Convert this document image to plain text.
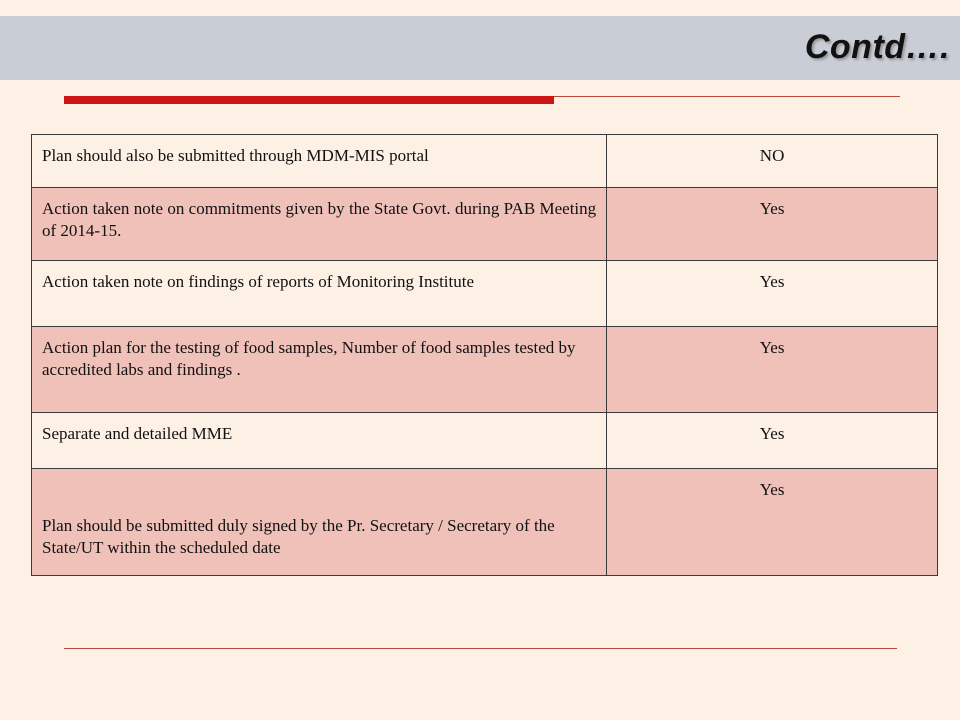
Contd….
Plan should also be submitted through MDM-MIS portal	NO
Action taken note on commitments given by the State Govt. during PAB Meeting of 2014-15.	Yes
Action taken note on findings of reports of Monitoring Institute	Yes
Action plan for the testing of food samples, Number of food samples tested by accredited labs and findings .	Yes
Separate and detailed MME	Yes
Plan should be submitted duly signed by the Pr. Secretary / Secretary of the State/UT within the scheduled date	Yes
